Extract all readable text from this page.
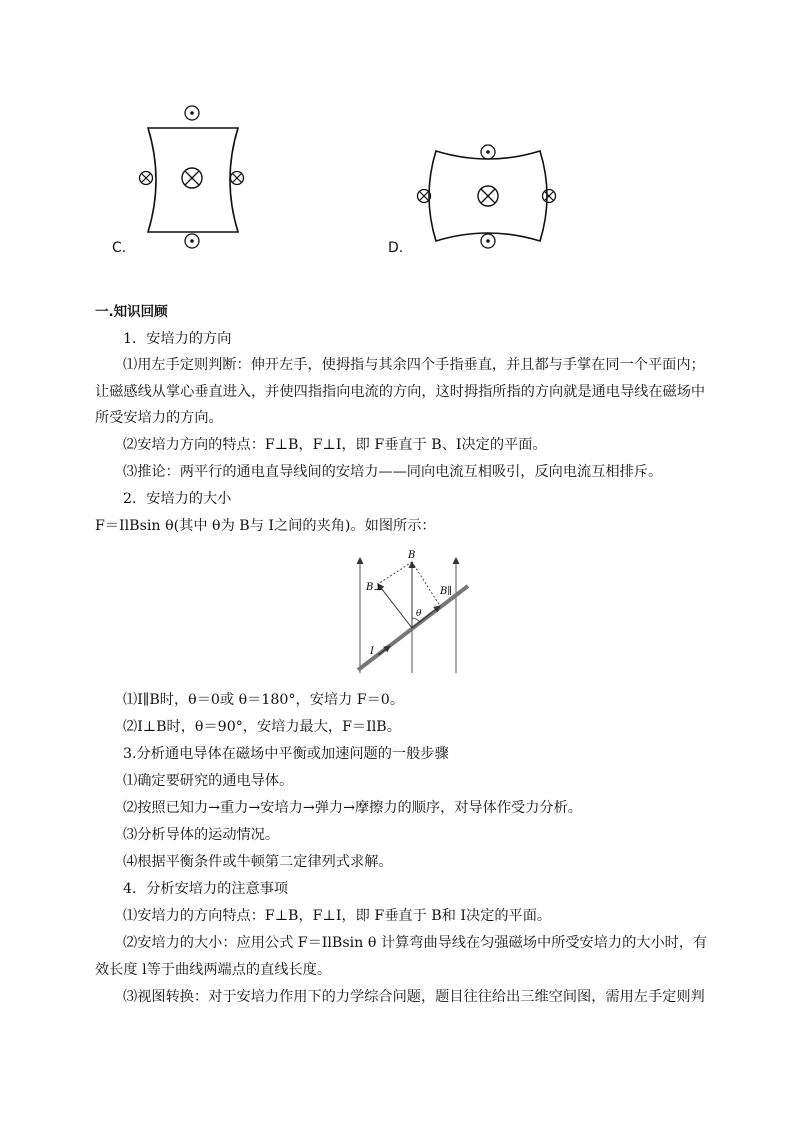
C.	D.
一.知识回顾
1．安培力的方向
⑴用左手定则判断：伸开左手，使拇指与其余四个手指垂直，并且都与手掌在同一个平面内；
让磁感线从掌心垂直进入，并使四指指向电流的方向，这时拇指所指的方向就是通电导线在磁场中
所受安培力的方向。
⑵安培力方向的特点：F⊥B，F⊥I，即 F垂直于 B、I决定的平面。
⑶推论：两平行的通电直导线间的安培力——同向电流互相吸引，反向电流互相排斥。
2．安培力的大小
F＝IlBsin θ(其中 θ为 B与 I之间的夹角)。如图所示：
B
B⊥	B∥
θ
I
⑴I∥B时，θ＝0或 θ＝180°，安培力 F＝0。
⑵I⊥B时，θ＝90°，安培力最大，F＝IlB。
3.分析通电导体在磁场中平衡或加速问题的一般步骤
⑴确定要研究的通电导体。
⑵按照已知力→重力→安培力→弹力→摩擦力的顺序，对导体作受力分析。
⑶分析导体的运动情况。
⑷根据平衡条件或牛顿第二定律列式求解。
4．分析安培力的注意事项
⑴安培力的方向特点：F⊥B，F⊥I，即 F垂直于 B和 I决定的平面。
⑵安培力的大小：应用公式 F＝IlBsin θ 计算弯曲导线在匀强磁场中所受安培力的大小时，有
效长度 l等于曲线两端点的直线长度。
⑶视图转换：对于安培力作用下的力学综合问题，题目往往给出三维空间图，需用左手定则判
